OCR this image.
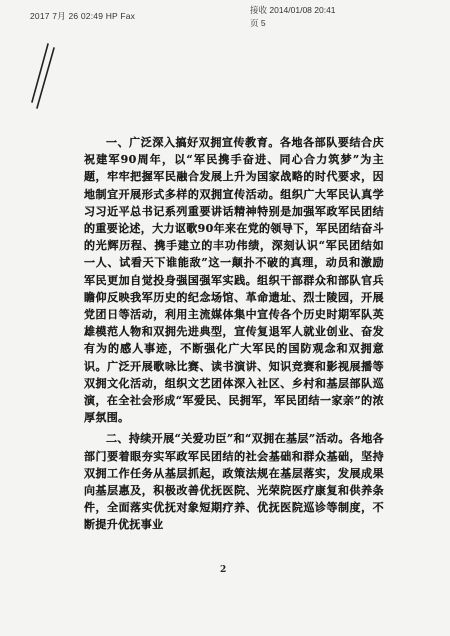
2017 7月 26 02:49 HP Fax
接收 2014/01/08 20:41
页 5

一、广泛深入搞好双拥宣传教育。各地各部队要结合庆祝建军90周年，以“军民携手奋进、同心合力筑梦”为主题，牢牢把握军民融合发展上升为国家战略的时代要求，因地制宜开展形式多样的双拥宣传活动。组织广大军民认真学习习近平总书记系列重要讲话精神特别是加强军政军民团结的重要论述，大力讴歌90年来在党的领导下，军民团结奋斗的光辉历程、携手建立的丰功伟绩，深刻认识“军民团结如一人、试看天下谁能敌”这一颠扑不破的真理，动员和激励军民更加自觉投身强国强军实践。组织干部群众和部队官兵瞻仰反映我军历史的纪念场馆、革命遗址、烈士陵园，开展党团日等活动，利用主流媒体集中宣传各个历史时期军队英雄模范人物和双拥先进典型，宣传复退军人就业创业、奋发有为的感人事迹，不断强化广大军民的国防观念和双拥意识。广泛开展歌咏比赛、读书演讲、知识竞赛和影视展播等双拥文化活动，组织文艺团体深入社区、乡村和基层部队巡演，在全社会形成“军爱民、民拥军，军民团结一家亲”的浓厚氛围。

二、持续开展“关爱功臣”和“双拥在基层”活动。各地各部门要着眼夯实军政军民团结的社会基础和群众基础，坚持双拥工作任务从基层抓起，政策法规在基层落实，发展成果向基层惠及，积极改善优抚医院、光荣院医疗康复和供养条件，全面落实优抚对象短期疗养、优抚医院巡诊等制度，不断提升优抚事业

2
